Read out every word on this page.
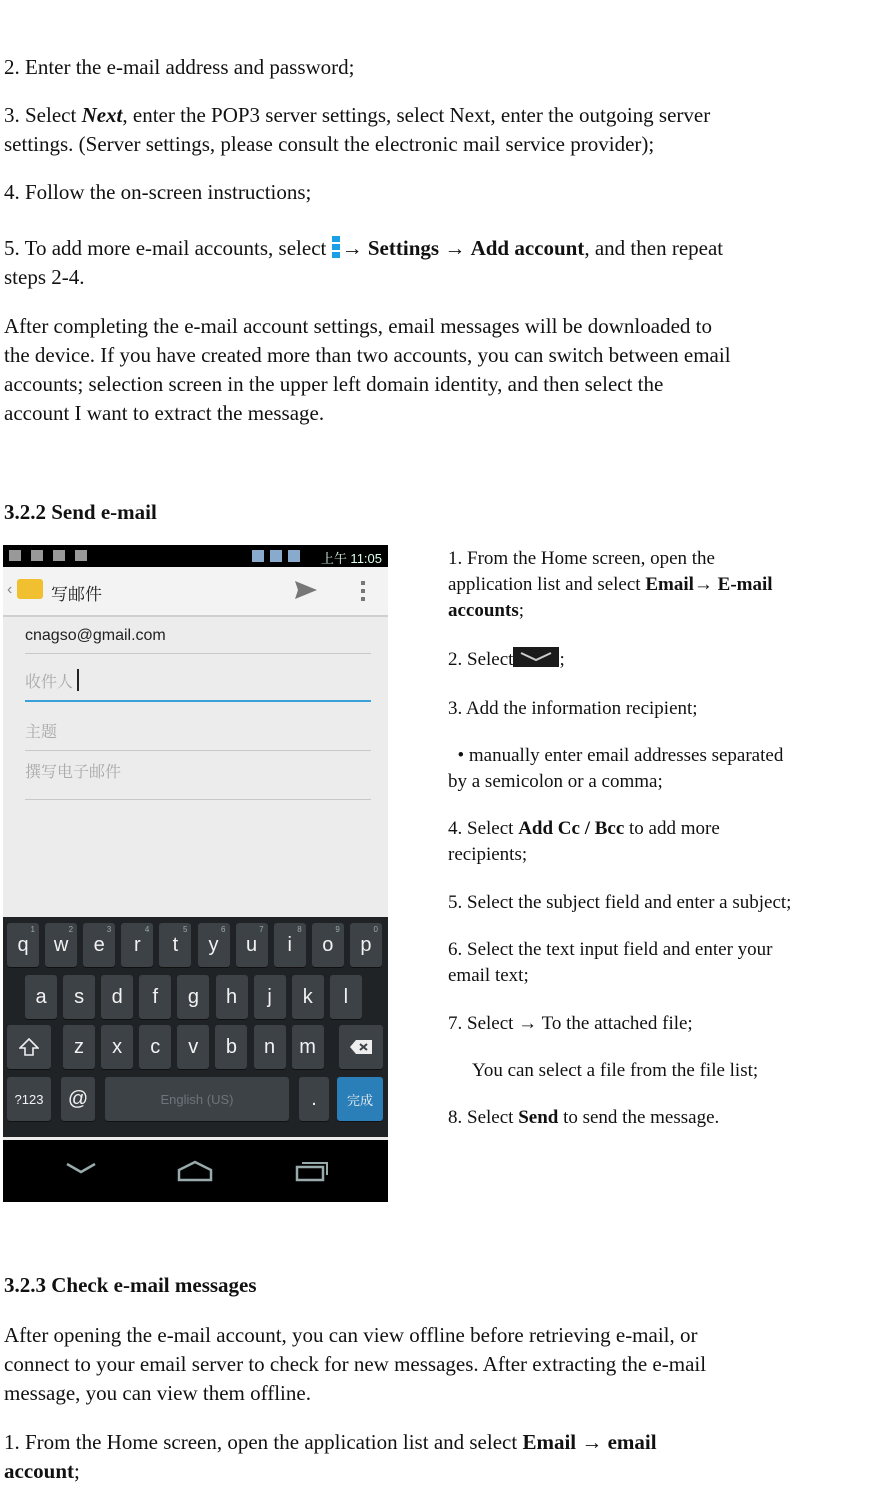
2. Enter the e-mail address and password;

3. Select Next, enter the POP3 server settings, select Next, enter the outgoing server

settings. (Server settings, please consult the electronic mail service provider);

4. Follow the on-screen instructions;

5. To add more e-mail accounts, select → Settings → Add account, and then repeat

steps 2-4.

After completing the e-mail account settings, email messages will be downloaded to

the device. If you have created more than two accounts, you can switch between email

accounts; selection screen in the upper left domain identity, and then select the

account I want to extract the message.

3.2.2 Send e-mail
上午 11:05
‹ 写邮件
cnagso@gmail.com
收件人
主题
撰写电子邮件
?123	@	English (US)	.	完成
q
1
w
2
e
3
r
4
t
5
y
6
u
7
i
8
o
9
p
0
a	s	d	f	g	h	j	k	l
z	x	c	v	b	n	m

1. From the Home screen, open the

application list and select Email→ E-mail

accounts;

2. Select ;

3. Add the information recipient;

• manually enter email addresses separated

by a semicolon or a comma;

4. Select Add Cc / Bcc to add more

recipients;

5. Select the subject field and enter a subject;

6. Select the text input field and enter your

email text;

7. Select → To the attached file;

You can select a file from the file list;

8. Select Send to send the message.

3.2.3 Check e-mail messages

After opening the e-mail account, you can view offline before retrieving e-mail, or

connect to your email server to check for new messages. After extracting the e-mail

message, you can view them offline.

1. From the Home screen, open the application list and select Email → email

account;
